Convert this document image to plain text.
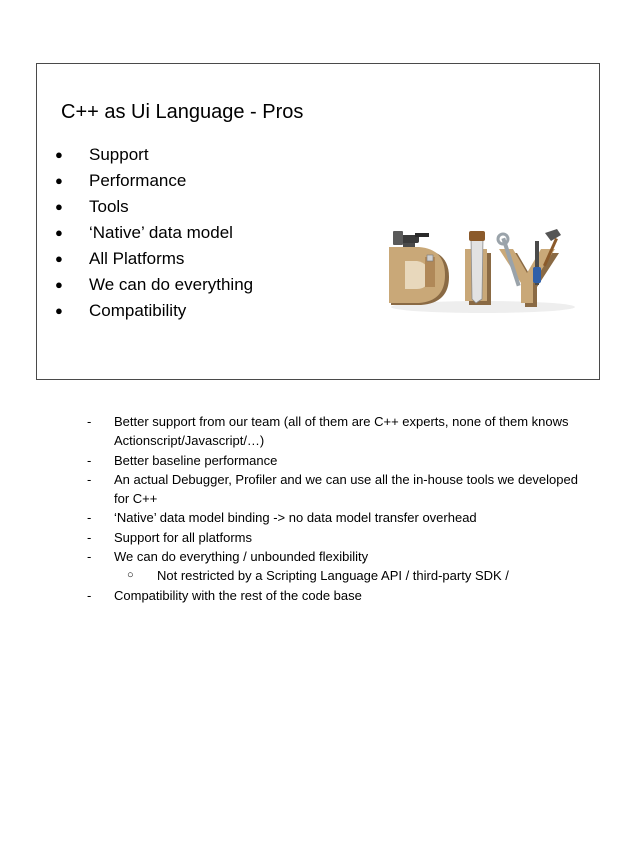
C++ as Ui Language - Pros
● Support
● Performance
● Tools
● ‘Native’ data model
● All Platforms
● We can do everything
● Compatibility
- Better support from our team (all of them are C++ experts, none of them knows Actionscript/Javascript/…)
- Better baseline performance
- An actual Debugger, Profiler and we can use all the in-house tools we developed for C++
- ‘Native’ data model binding -> no data model transfer overhead
- Support for all platforms
- We can do everything / unbounded flexibility
○ Not restricted by a Scripting Language API / third-party SDK /
- Compatibility with the rest of the code base
